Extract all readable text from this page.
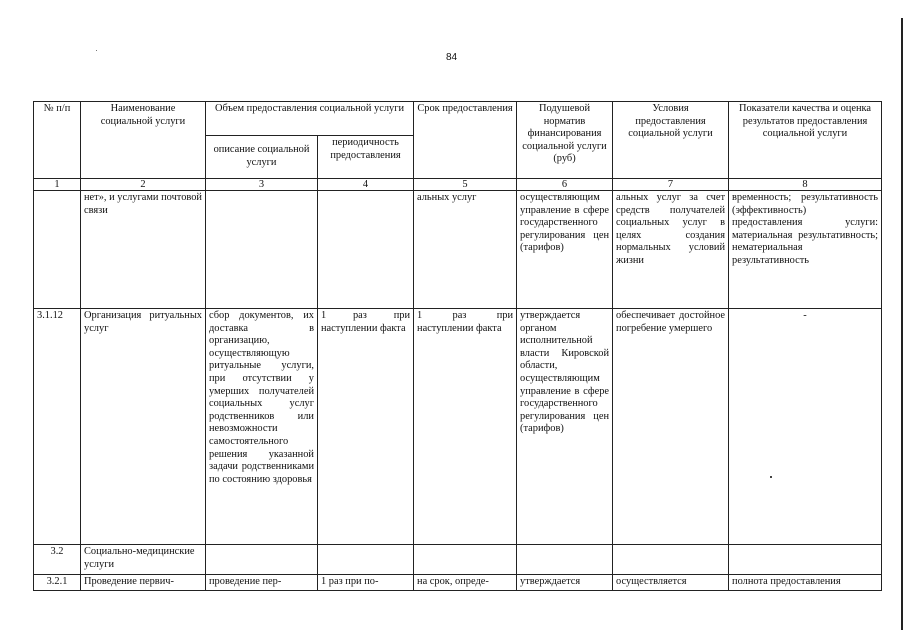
84
№ п/п	Наименование социальной услуги	Объем предоставления социальной услуги		Срок предоставления	Подушевой норматив финансирования социальной услуги (руб)	Условия предоставления социальной услуги	Показатели качества и оценка результатов предоставления социальной услуги
		описание социальной услуги	периодичность предоставления				
1	2	3	4	5	6	7	8
	нет», и услугами почтовой связи			альных услуг	осуществляющим управление в сфере государственного регулирования цен (тарифов)	альных услуг за счет средств получателей социальных услуг в целях создания нормальных условий жизни	временность; результативность (эффективность) предоставления услуги: материальная результативность; нематериальная результативность
3.1.12	Организация ритуальных услуг	сбор документов, их доставка в организацию, осуществляющую ритуальные услуги, при отсутствии у умерших получателей социальных услуг родственников или невозможности самостоятельного решения указанной задачи родственниками по состоянию здоровья	1 раз при наступлении факта	1 раз при наступлении факта	утверждается органом исполнительной власти Кировской области, осуществляющим управление в сфере государственного регулирования цен (тарифов)	обеспечивает достойное погребение умершего	-
3.2	Социально-медицинские услуги						
3.2.1	Проведение первич-	проведение пер-	1 раз при по-	на срок, опреде-	утверждается	осуществляется	полнота предоставления
